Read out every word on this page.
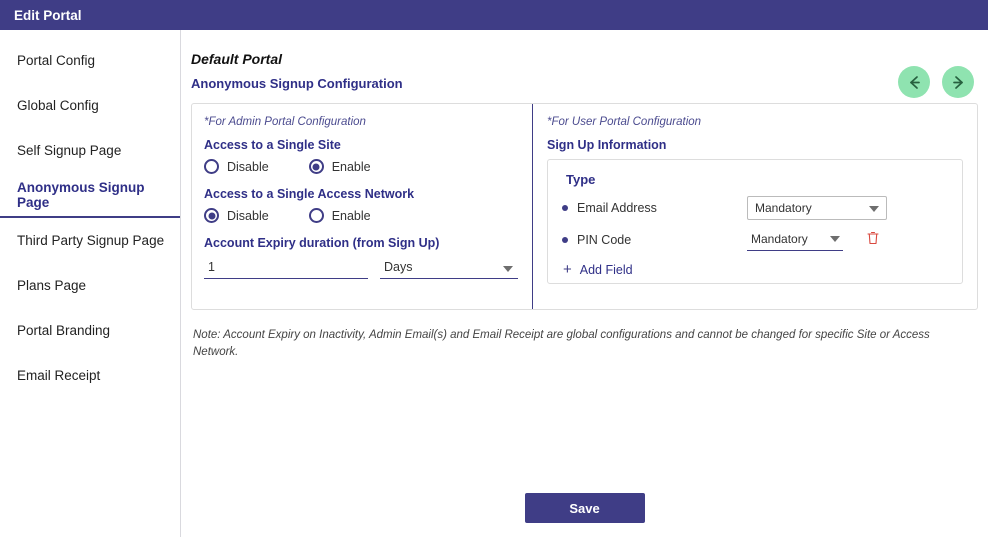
Edit Portal
Portal Config
Global Config
Self Signup Page
Anonymous Signup Page
Third Party Signup Page
Plans Page
Portal Branding
Email Receipt
Default Portal
Anonymous Signup Configuration
*For Admin Portal Configuration
Access to a Single Site
Disable	Enable
Access to a Single Access Network
Disable	Enable
Account Expiry duration (from Sign Up)
1
Days
*For User Portal Configuration
Sign Up Information
Type
Email Address	Mandatory
PIN Code	Mandatory
+ Add Field
Note: Account Expiry on Inactivity, Admin Email(s) and Email Receipt are global configurations and cannot be changed for specific Site or Access Network.
Save
